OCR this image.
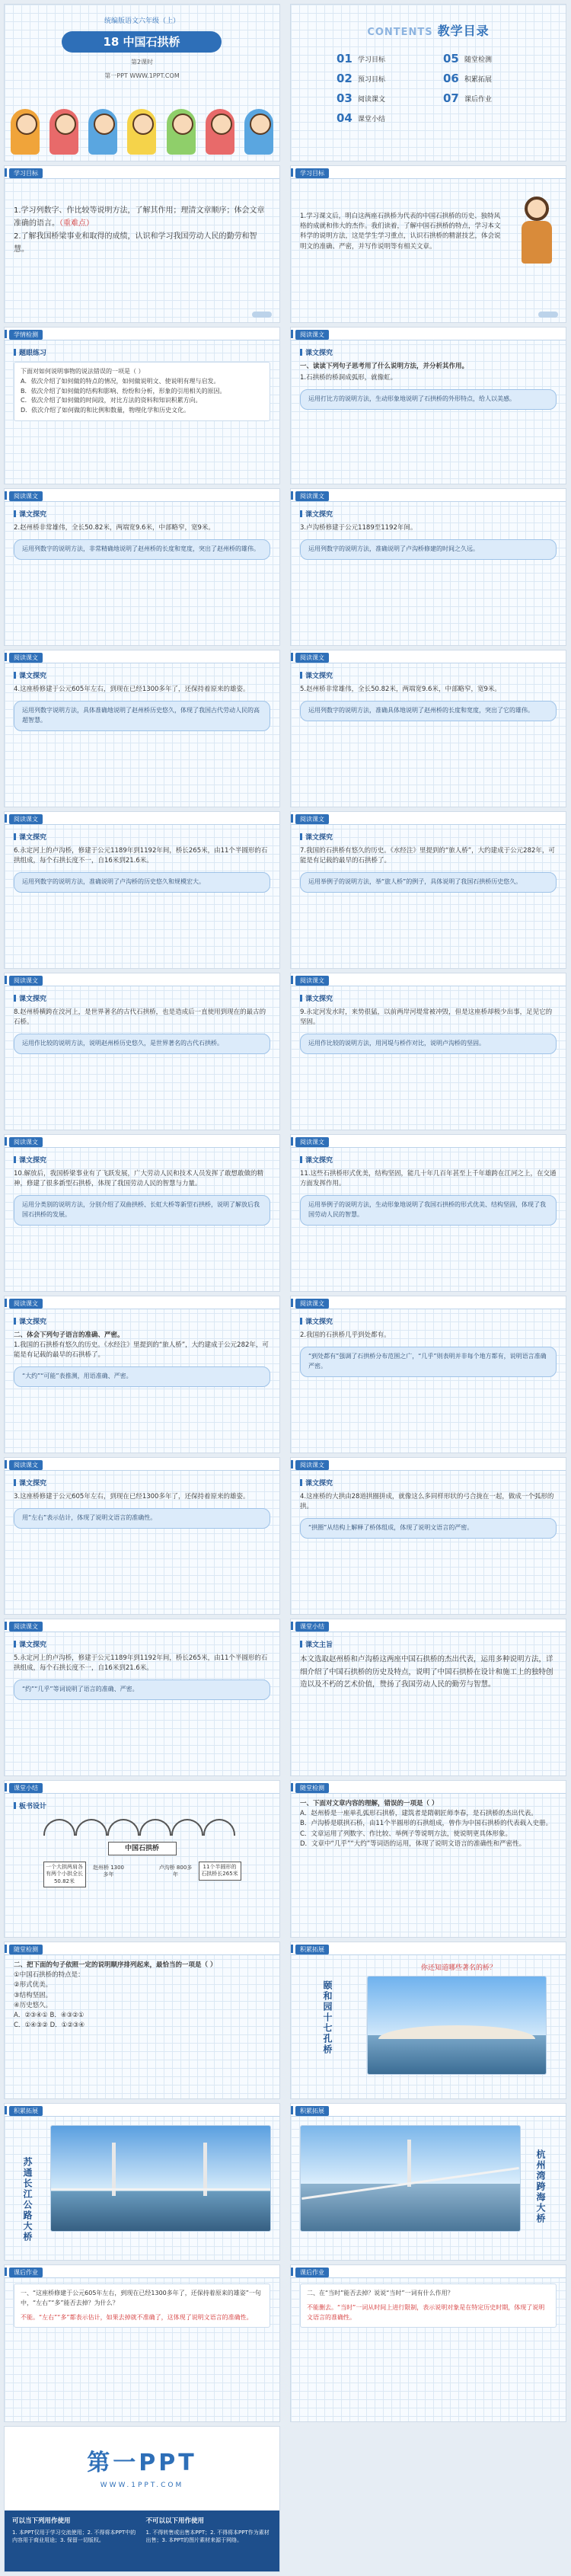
统编版语文六年级（上）
18 中国石拱桥
第2课时
第一PPT WWW.1PPT.COM
CONTENTS 教学目录
01 学习目标	05 随堂检测
02 预习目标	06 积累拓展
03 阅读课文	07 课后作业
04 课堂小结
学习目标

1.学习列数字、作比较等说明方法，了解其作用；理清文章顺序；体会文章准确的语言。（重难点）

2.了解我国桥梁事业和取得的成绩，认识和学习我国劳动人民的勤劳和智慧。

学习目标
1.学习课文后，明白这两座石拱桥为代表的中国石拱桥的历史、独特风格的成就和伟大的杰作。我们读着，了解中国石拱桥的特点，学习本文科学的说明方法，这是学生学习重点，认识石拱桥的精湛技艺，体会说明文的准确、严密，并写作说明等有相关文章。
学情检测
题眼练习

下面对如何说明事物的说法错误的一项是（ ）

A．依次介绍了如何做的特点的情况，如何做说明文、使说明有理与启发。

B．依次介绍了如何做的结构和影响、纷纷和分析，形象的引用相关的原因。

C．依次介绍了如何做的时间段，对比方法的资料和知识积累方向。

D．依次介绍了如何做的和比例和数量，物理化学和历史文化。

阅读课文
课文探究

一、读读下列句子思考用了什么说明方法，并分析其作用。

1.石拱桥的桥洞成弧形，就像虹。

运用打比方的说明方法，生动形象地说明了石拱桥的外形特点，给人以美感。
阅读课文
课文探究

2.赵州桥非常雄伟，全长50.82米，两端宽9.6米，中部略窄，宽9米。

运用列数字的说明方法，非常精确地说明了赵州桥的长度和宽度，突出了赵州桥的雄伟。
阅读课文
课文探究

3.卢沟桥修建于公元1189至1192年间。

运用列数字的说明方法，准确说明了卢沟桥修建的时间之久远。
阅读课文
课文探究

4.这座桥修建于公元605年左右，到现在已经1300多年了，还保持着原来的雄姿。

运用列数字说明方法，具体准确地说明了赵州桥历史悠久，体现了我国古代劳动人民的高超智慧。
阅读课文
课文探究

5.赵州桥非常雄伟，全长50.82米，两端宽9.6米，中部略窄，宽9米。

运用列数字的说明方法，准确具体地说明了赵州桥的长度和宽度，突出了它的雄伟。
阅读课文
课文探究

6.永定河上的卢沟桥，修建于公元1189年到1192年间，桥长265米，由11个半圆形的石拱组成，每个石拱长度不一，自16米到21.6米。

运用列数字的说明方法，准确说明了卢沟桥的历史悠久和规模宏大。
阅读课文
课文探究

7.我国的石拱桥有悠久的历史。《水经注》里提到的“旅人桥”，大约建成于公元282年，可能是有记载的最早的石拱桥了。

运用举例子的说明方法，举“旅人桥”的例子，具体说明了我国石拱桥历史悠久。
阅读课文
课文探究

8.赵州桥横跨在洨河上，是世界著名的古代石拱桥，也是造成后一直使用到现在的最古的石桥。

运用作比较的说明方法，说明赵州桥历史悠久，是世界著名的古代石拱桥。
阅读课文
课文探究

9.永定河发水时，来势很猛，以前两岸河堤常被冲毁，但是这座桥却极少出事，足见它的坚固。

运用作比较的说明方法，用河堤与桥作对比，说明卢沟桥的坚固。
阅读课文
课文探究

10.解放后，我国桥梁事业有了飞跃发展，广大劳动人民和技术人员发挥了敢想敢做的精神，修建了很多新型石拱桥，体现了我国劳动人民的智慧与力量。

运用分类别的说明方法，分别介绍了双曲拱桥、长虹大桥等新型石拱桥，说明了解放后我国石拱桥的发展。
阅读课文
课文探究

11.这些石拱桥形式优美，结构坚固，能几十年几百年甚至上千年雄跨在江河之上，在交通方面发挥作用。

运用举例子的说明方法，生动形象地说明了我国石拱桥的形式优美、结构坚固，体现了我国劳动人民的智慧。
阅读课文
课文探究

二、体会下列句子语言的准确、严密。

1.我国的石拱桥有悠久的历史。《水经注》里提到的“旅人桥”，大约建成于公元282年，可能是有记载的最早的石拱桥了。

“大约”“可能”表推测，用语准确、严密。
阅读课文
课文探究

2.我国的石拱桥几乎到处都有。

“到处都有”强调了石拱桥分布范围之广，“几乎”则表明并非每个地方都有，说明语言准确严密。
阅读课文
课文探究

3.这座桥修建于公元605年左右，到现在已经1300多年了，还保持着原来的雄姿。

用“左右”表示估计，体现了说明文语言的准确性。
阅读课文
课文探究

4.这座桥的大拱由28道拱圈拼成，就像这么多同样形状的弓合拢在一起，做成一个弧形的拱。

“拱圈”从结构上解释了桥体组成，体现了说明文语言的严密。
阅读课文
课文探究

5.永定河上的卢沟桥，修建于公元1189年到1192年间，桥长265米，由11个半圆形的石拱组成，每个石拱长度不一，自16米到21.6米。

“约”“几乎”等词说明了语言的准确、严密。
课堂小结
课文主旨

本文选取赵州桥和卢沟桥这两座中国石拱桥的杰出代表，运用多种说明方法，详细介绍了中国石拱桥的历史及特点，说明了中国石拱桥在设计和施工上的独特创造以及不朽的艺术价值，赞扬了我国劳动人民的勤劳与智慧。

课堂小结
板书设计
中国石拱桥
一个大拱两肩各有两个小拱全长50.82米
赵州桥 1300多年
卢沟桥 800多年
11个半圆形的石拱桥长265米
随堂检测

一、下面对文章内容的理解，错误的一项是（ ）

A．赵州桥是一座单孔弧形石拱桥，建筑者是隋朝匠师李春，是石拱桥的杰出代表。

B．卢沟桥是联拱石桥，由11个半圆形的石拱组成，曾作为中国石拱桥的代表载入史册。

C．文章运用了列数字、作比较、举例子等说明方法，使说明更具体形象。

D．文章中“几乎”“大约”等词语的运用，体现了说明文语言的准确性和严密性。

随堂检测

二、把下面的句子依照一定的说明顺序排列起来，最恰当的一项是（ ）

①中国石拱桥的特点是：

②形式优美。

③结构坚固。

④历史悠久。

A．②③④① B．④③②①

C．①④③② D．①②③④

积累拓展
你还知道哪些著名的桥？
颐和园十七孔桥
积累拓展
苏通长江公路大桥
积累拓展
杭州湾跨海大桥
课后作业

一、“这座桥修建于公元605年左右，到现在已经1300多年了，还保持着原来的雄姿”一句中，“左右”“多”能否去掉？为什么？

不能。“左右”“多”都表示估计，如果去掉就不准确了，这体现了说明文语言的准确性。

课后作业

二、在“当时”能否去掉？说说“当时”一词有什么作用？

不能删去。“当时”一词从时间上进行限制，表示说明对象是在特定历史时期，体现了说明文语言的准确性。

第一PPT
WWW.1PPT.COM
可以当下列用作使用

1. 本PPT仅用于学习交流使用；2. 不得将本PPT中的内容用于商业用途；3. 保留一切版权。

不可以以下用作使用

1. 不得转售或出售本PPT；2. 不得将本PPT作为素材出售；3. 本PPT的图片素材来源于网络。
